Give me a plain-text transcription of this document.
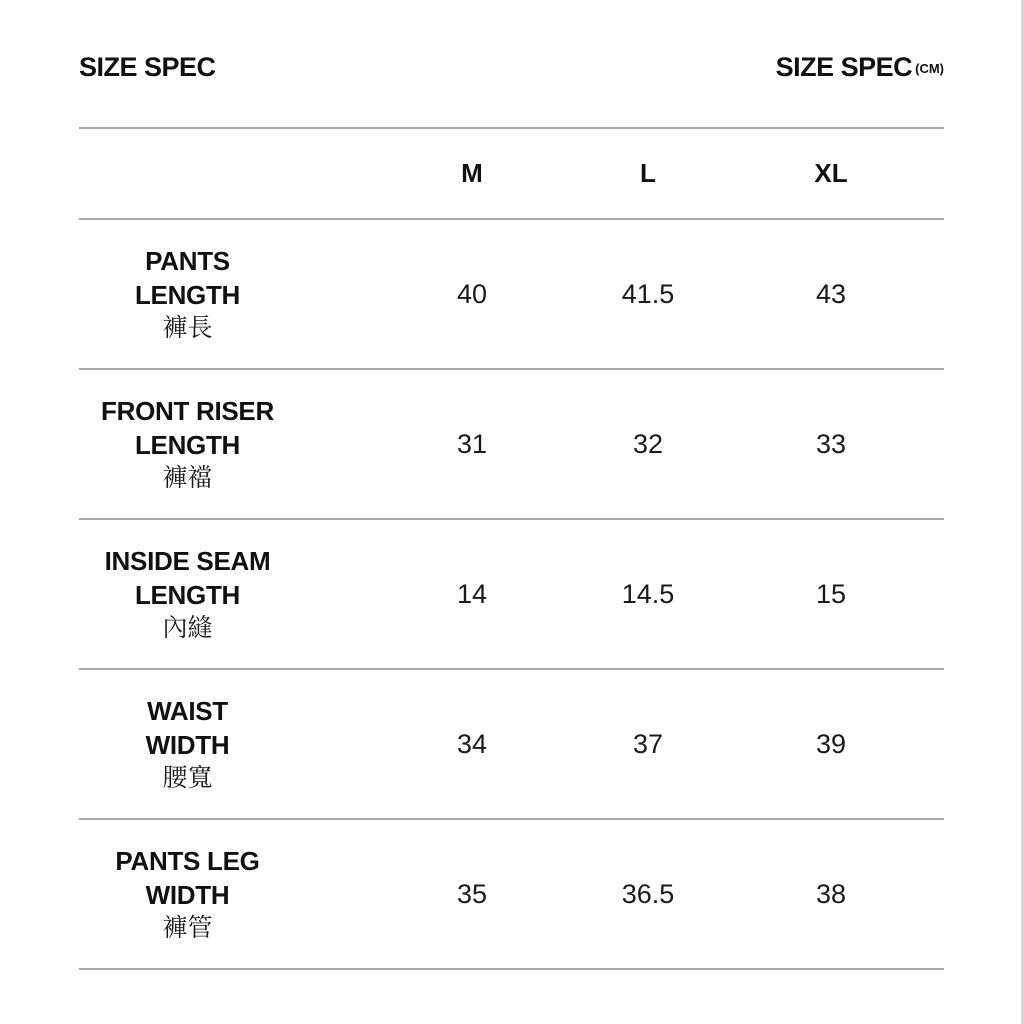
SIZE SPEC	SIZE SPEC (CM)
M	L	XL
PANTS
LENGTH
褲長
40	41.5	43
FRONT RISER
LENGTH
褲襠
31	32	33
INSIDE SEAM
LENGTH
內縫
14	14.5	15
WAIST
WIDTH
腰寬
34	37	39
PANTS LEG
WIDTH
褲管
35	36.5	38
